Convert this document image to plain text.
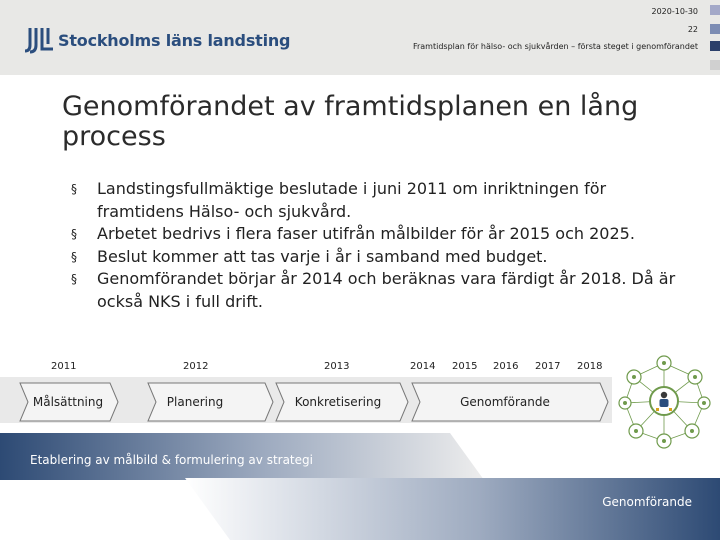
Stockholms läns landsting
2020-10-30
22
Framtidsplan för hälso- och sjukvården – första steget i genomförandet
Genomförandet av framtidsplanen en lång process
§ Landstingsfullmäktige beslutade i juni 2011 om inriktningen för framtidens Hälso- och sjukvård.
§ Arbetet bedrivs i flera faser utifrån målbilder för år 2015 och 2025.
§ Beslut kommer att tas varje i år i samband med budget.
§ Genomförandet börjar år 2014 och beräknas vara färdigt år 2018. Då är också NKS i full drift.
2011	2012	2013	2014 2015 2016 2017 2018
Målsättning	Planering	Konkretisering	Genomförande
Etablering av målbild & formulering av strategi
Genomförande
